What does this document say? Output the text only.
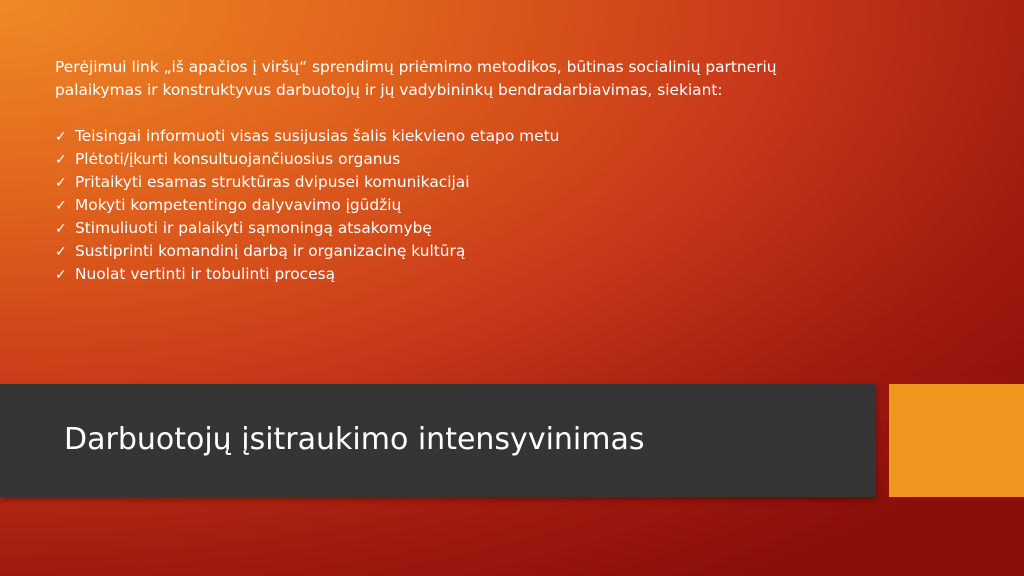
Perėjimui link „iš apačios į viršų“ sprendimų priėmimo metodikos, būtinas socialinių partnerių
palaikymas ir konstruktyvus darbuotojų ir jų vadybininkų bendradarbiavimas, siekiant:

✓ Teisingai informuoti visas susijusias šalis kiekvieno etapo metu
✓ Plėtoti/įkurti konsultuojančiuosius organus
✓ Pritaikyti esamas struktūras dvipusei komunikacijai
✓ Mokyti kompetentingo dalyvavimo įgūdžių
✓ Stimuliuoti ir palaikyti sąmoningą atsakomybę
✓ Sustiprinti komandinį darbą ir organizacinę kultūrą
✓ Nuolat vertinti ir tobulinti procesą
Darbuotojų įsitraukimo intensyvinimas
